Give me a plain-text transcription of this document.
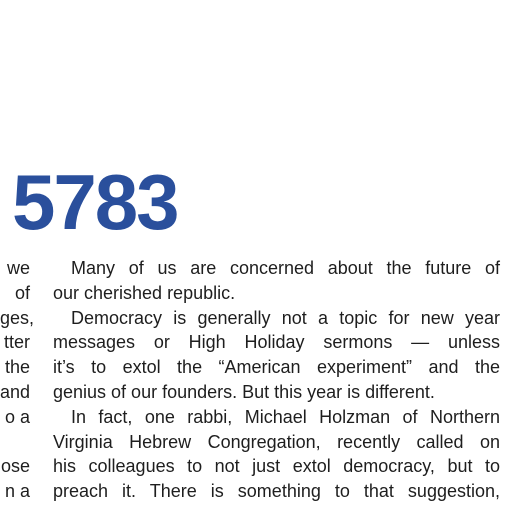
5783
we
of
ges,
tter
the
and
o a
ose
n a
Many of us are concerned about the future of
our cherished republic.
Democracy is generally not a topic for new year
messages or High Holiday sermons — unless
it’s to extol the “American experiment” and the
genius of our founders. But this year is different.
In fact, one rabbi, Michael Holzman of Northern
Virginia Hebrew Congregation, recently called on
his colleagues to not just extol democracy, but to
preach it. There is something to that suggestion,
